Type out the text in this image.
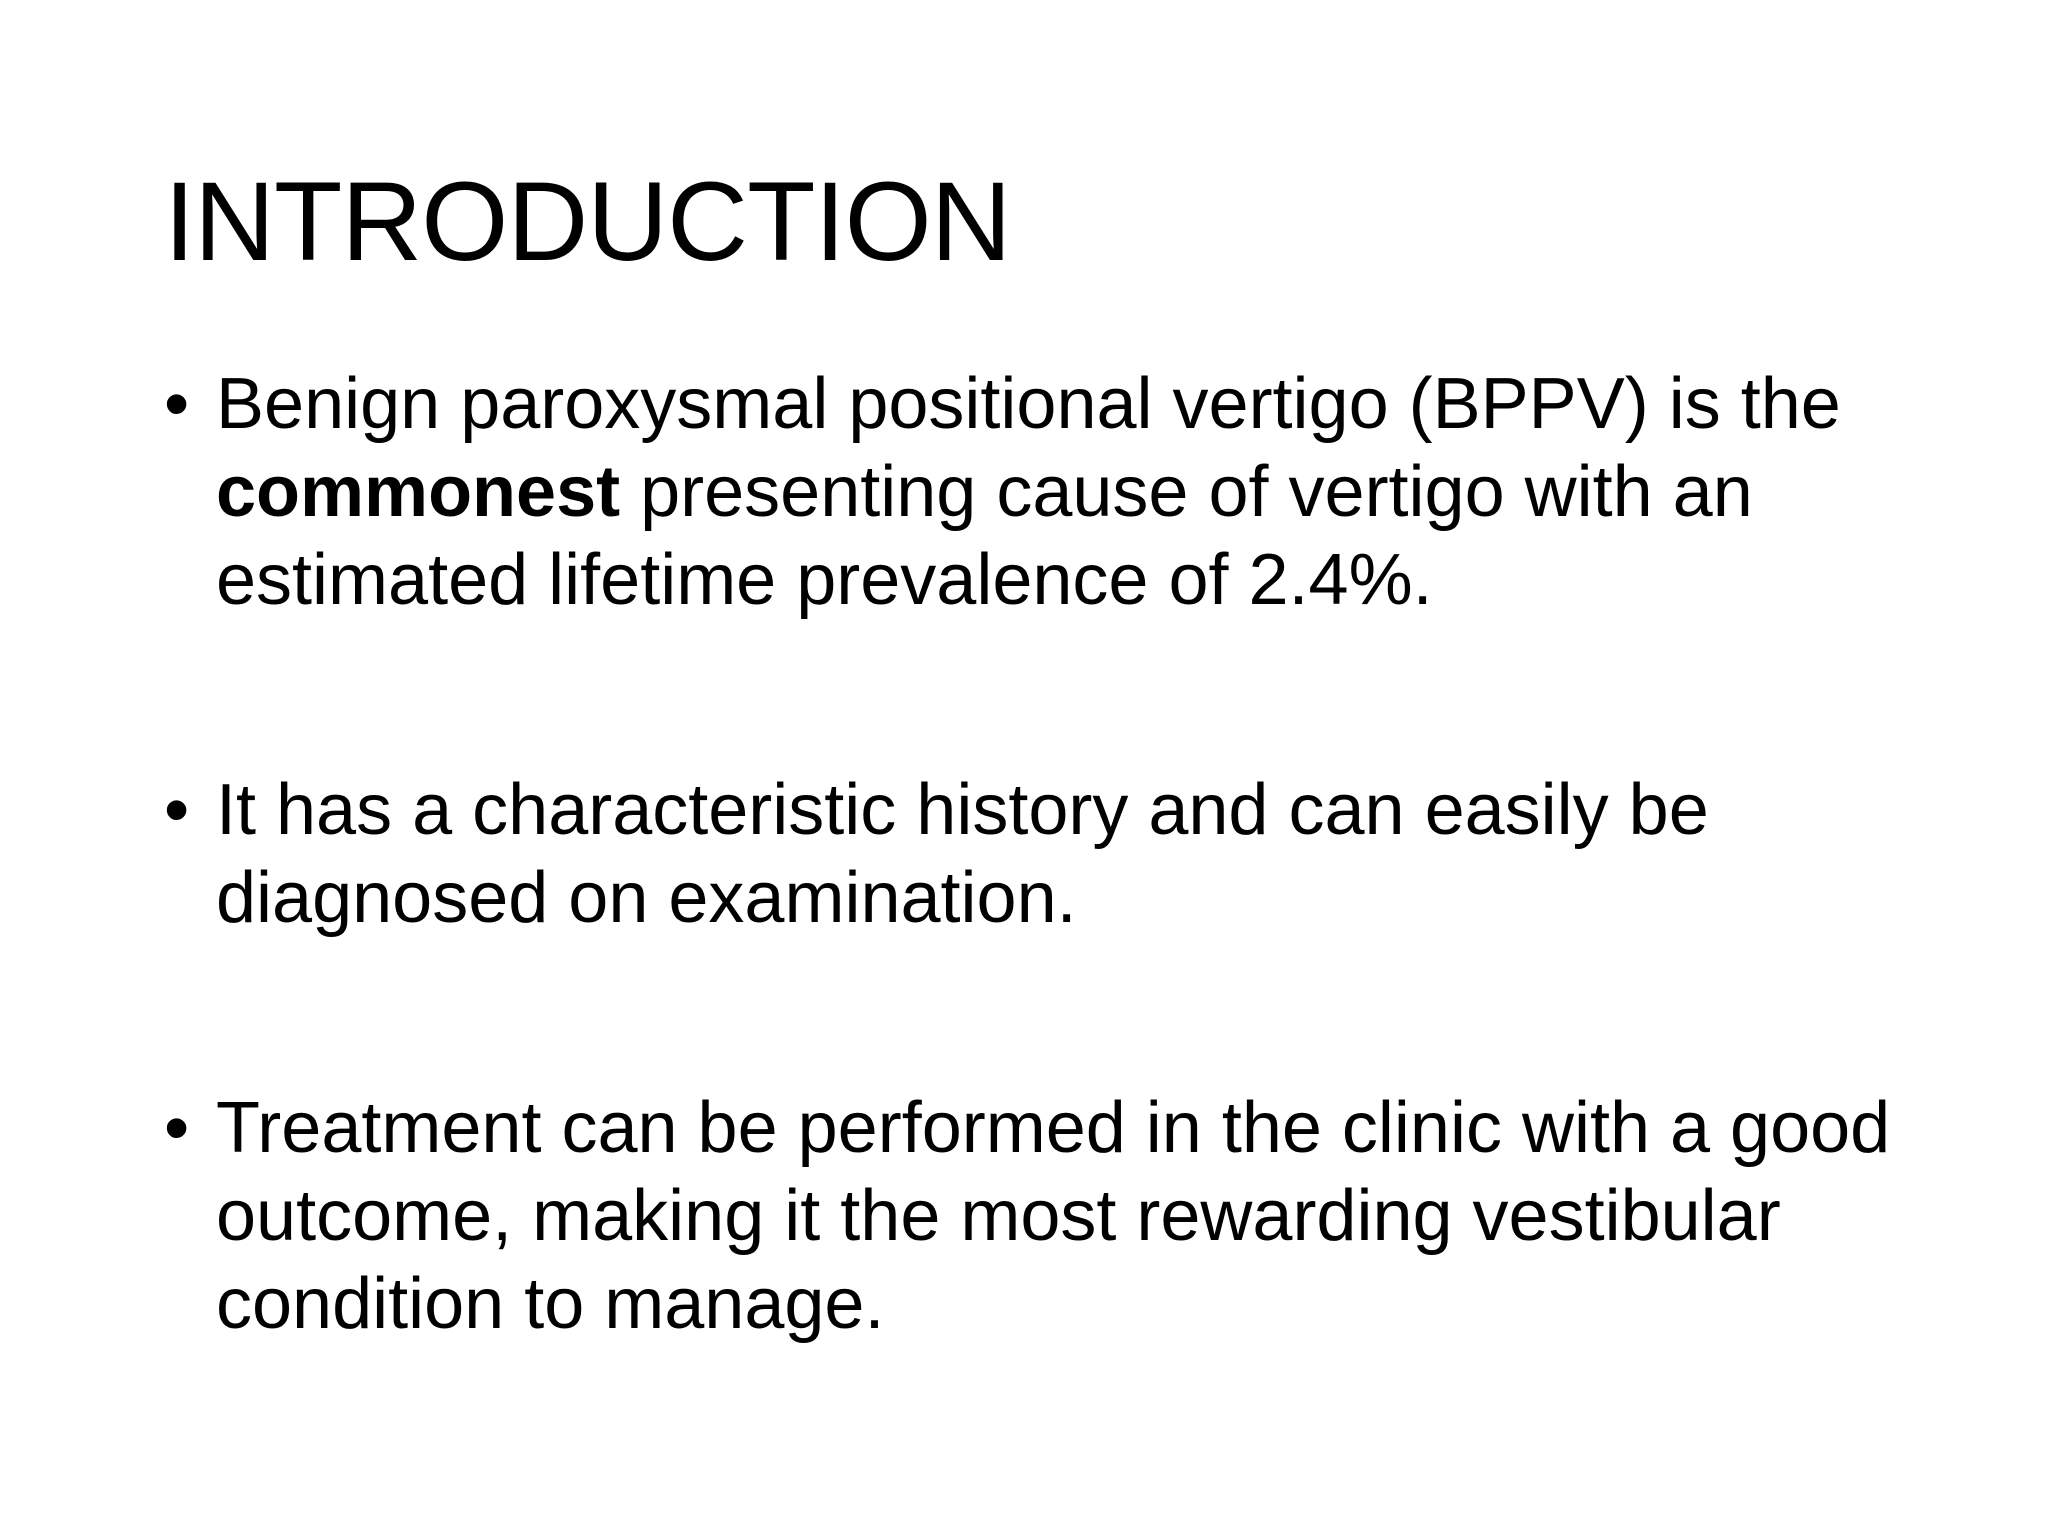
INTRODUCTION
• Benign paroxysmal positional vertigo (BPPV) is the commonest presenting cause of vertigo with an estimated lifetime prevalence of 2.4%.
• It has a characteristic history and can easily be diagnosed on examination.
• Treatment can be performed in the clinic with a good outcome, making it the most rewarding vestibular condition to manage.
